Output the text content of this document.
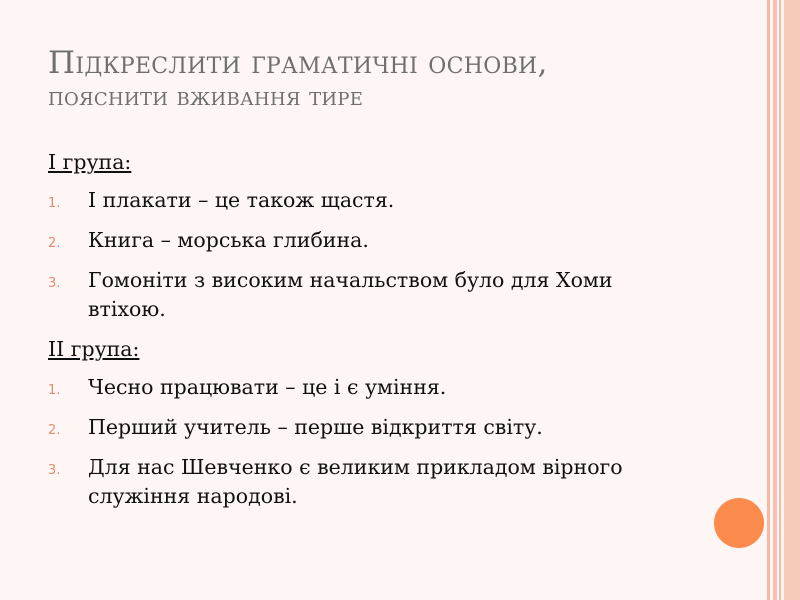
Підкреслити граматичні основи,
пояснити вживання тире
І група:
1. І плакати – це також щастя.
2. Книга – морська глибина.
3. Гомоніти з високим начальством було для Хоми втіхою.
ІІ група:
1. Чесно працювати – це і є уміння.
2. Перший учитель – перше відкриття світу.
3. Для нас Шевченко є великим прикладом вірного служіння народові.
